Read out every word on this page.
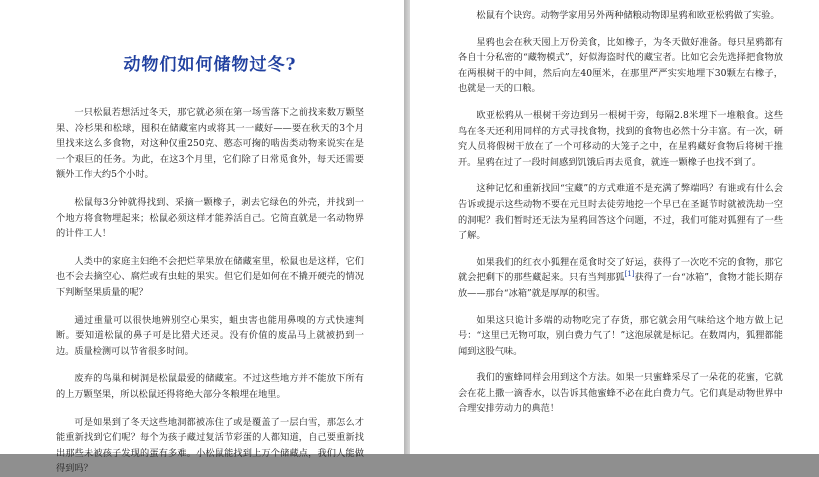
动物们如何储物过冬?

一只松鼠若想活过冬天，那它就必须在第一场雪落下之前找来数万颗坚果、冷杉果和松球，囤积在储藏室内或将其一一藏好——要在秋天的3个月里找来这么多食物，对这种仅重250克、憨态可掬的啮齿类动物来说实在是一个艰巨的任务。为此，在这3个月里，它们除了日常觅食外，每天还需要额外工作大约5个小时。

松鼠每3分钟就得找到、采摘一颗橡子，剥去它绿色的外壳，并找到一个地方将食物埋起来；松鼠必须这样才能养活自己。它简直就是一名动物界的计件工人！

人类中的家庭主妇绝不会把烂苹果放在储藏室里，松鼠也是这样，它们也不会去摘空心、腐烂或有虫蛀的果实。但它们是如何在不撬开硬壳的情况下判断坚果质量的呢？

通过重量可以很快地辨别空心果实，蛆虫害也能用鼻嗅的方式快速判断。要知道松鼠的鼻子可是比猎犬还灵。没有价值的废品马上就被扔到一边。质量检测可以节省很多时间。

废弃的鸟巢和树洞是松鼠最爱的储藏室。不过这些地方并不能放下所有的上万颗坚果，所以松鼠还得将绝大部分冬粮埋在地里。

可是如果到了冬天这些地洞都被冻住了或是覆盖了一层白雪，那怎么才能重新找到它们呢？每个为孩子藏过复活节彩蛋的人都知道，自己要重新找出那些未被孩子发现的蛋有多难。小松鼠能找到上万个储藏点，我们人能做得到吗？

松鼠有个诀窍。动物学家用另外两种储粮动物即星鸦和欧亚松鸦做了实验。

星鸦也会在秋天囤上万份美食，比如橡子，为冬天做好准备。每只星鸦都有各自十分私密的“藏物模式”，好似海盗时代的藏宝者。比如它会先选择把食物放在两根树干的中间，然后向左40厘米，在那里严严实实地埋下30颗左右橡子，也就是一天的口粮。

欧亚松鸦从一根树干旁边到另一根树干旁，每隔2.8米埋下一堆粮食。这些鸟在冬天还利用同样的方式寻找食物，找到的食物也必然十分丰富。有一次，研究人员将假树干放在了一个可移动的大笼子之中，在星鸦藏好食物后将树干推开。星鸦在过了一段时间感到饥饿后再去觅食，就连一颗橡子也找不到了。

这种记忆和重新找回“宝藏”的方式难道不是充满了弊端吗？有谁或有什么会告诉或提示这些动物不要在元旦时去徒劳地挖一个早已在圣诞节时就被洗劫一空的洞呢？我们暂时还无法为星鸦回答这个问题，不过，我们可能对狐狸有了一些了解。

如果我们的红衣小狐狸在觅食时交了好运，获得了一次吃不完的食物，那它就会把剩下的那些藏起来。只有当判那狐[1]获得了一台“冰箱”，食物才能长期存放——那台“冰箱”就是厚厚的积雪。

如果这只诡计多端的动物吃完了存货，那它就会用气味给这个地方做上记号：“这里已无物可取，别白费力气了！”这泡尿就是标记。在数周内，狐狸都能闻到这股气味。

我们的蜜蜂同样会用到这个方法。如果一只蜜蜂采尽了一朵花的花蜜，它就会在花上撒一滴香水，以告诉其他蜜蜂不必在此白费力气。它们真是动物世界中合理安排劳动力的典范！
